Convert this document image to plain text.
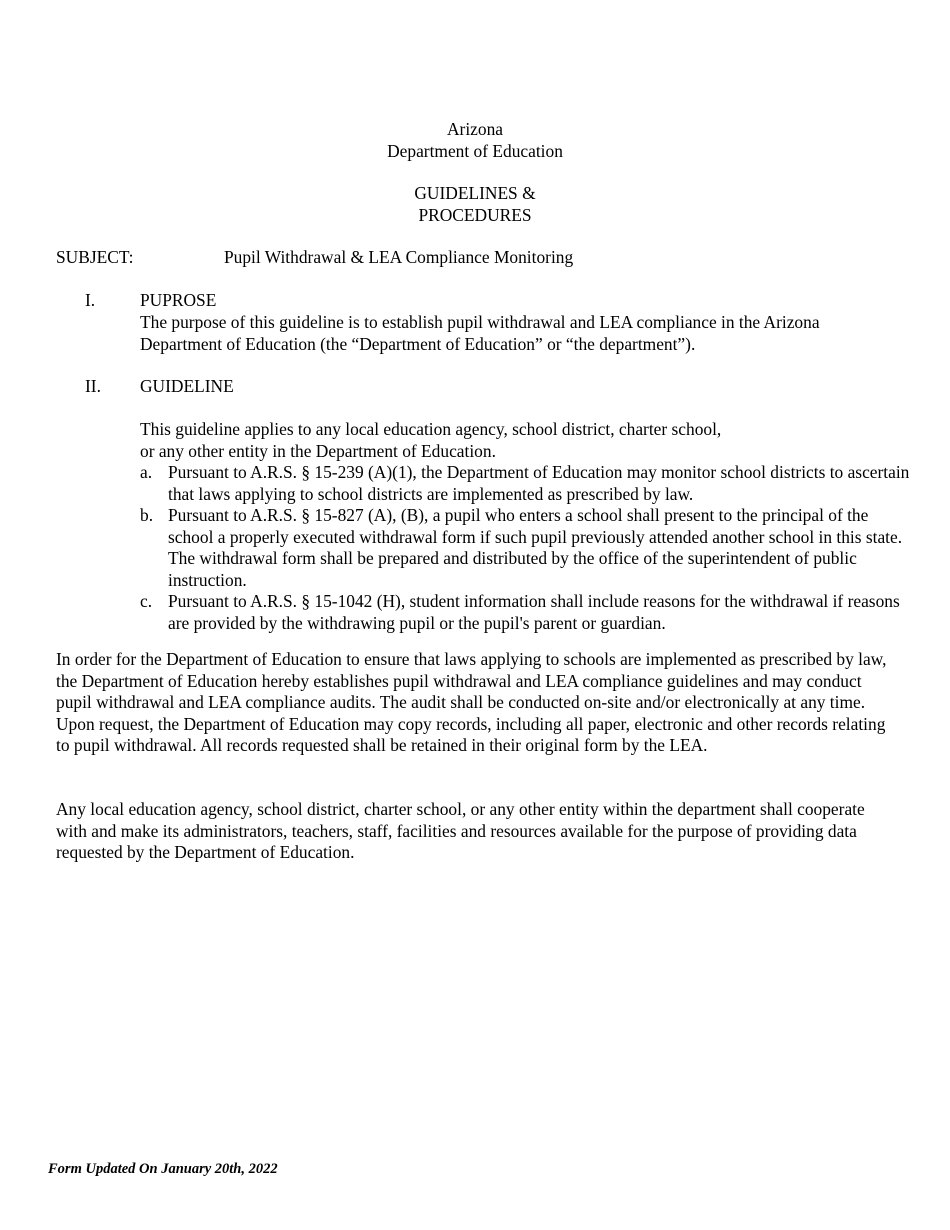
Arizona
Department of Education
GUIDELINES &
PROCEDURES
SUBJECT:	Pupil Withdrawal & LEA Compliance Monitoring
I.	PUPROSE

The purpose of this guideline is to establish pupil withdrawal and LEA compliance in the Arizona Department of Education (the “Department of Education” or “the department”).

II. GUIDELINE
This guideline applies to any local education agency, school district, charter school,
or any other entity in the Department of Education.
a. Pursuant to A.R.S. § 15-239 (A)(1), the Department of Education may monitor school districts to ascertain that laws applying to school districts are implemented as prescribed by law.
b. Pursuant to A.R.S. § 15-827 (A), (B), a pupil who enters a school shall present to the principal of the school a properly executed withdrawal form if such pupil previously attended another school in this state. The withdrawal form shall be prepared and distributed by the office of the superintendent of public instruction.
c. Pursuant to A.R.S. § 15-1042 (H), student information shall include reasons for the withdrawal if reasons are provided by the withdrawing pupil or the pupil's parent or guardian.

In order for the Department of Education to ensure that laws applying to schools are implemented as prescribed by law, the Department of Education hereby establishes pupil withdrawal and LEA compliance guidelines and may conduct pupil withdrawal and LEA compliance audits. The audit shall be conducted on-site and/or electronically at any time. Upon request, the Department of Education may copy records, including all paper, electronic and other records relating to pupil withdrawal. All records requested shall be retained in their original form by the LEA.

Any local education agency, school district, charter school, or any other entity within the department shall cooperate with and make its administrators, teachers, staff, facilities and resources available for the purpose of providing data requested by the Department of Education.

Form Updated On January 20th, 2022
